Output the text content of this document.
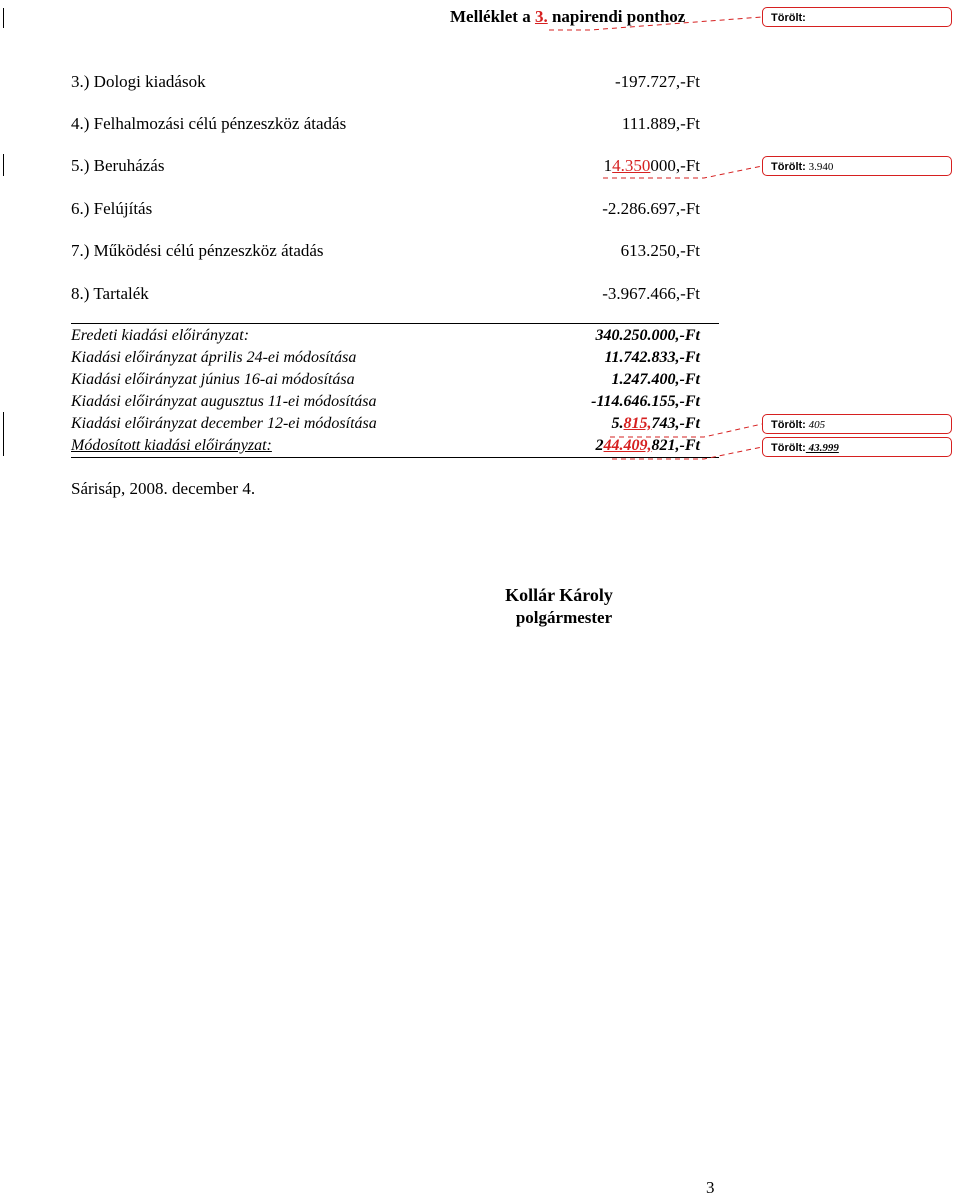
Melléklet a 3. napirendi ponthoz
3.) Dologi kiadások	-197.727,-Ft
4.) Felhalmozási célú pénzeszköz átadás	111.889,-Ft
5.) Beruházás	14.350000,-Ft
6.) Felújítás	-2.286.697,-Ft
7.) Működési célú pénzeszköz átadás	613.250,-Ft
8.) Tartalék	-3.967.466,-Ft
Eredeti kiadási előirányzat:	340.250.000,-Ft
Kiadási előirányzat április 24-ei módosítása	11.742.833,-Ft
Kiadási előirányzat június 16-ai módosítása	1.247.400,-Ft
Kiadási előirányzat augusztus 11-ei módosítása	-114.646.155,-Ft
Kiadási előirányzat december 12-ei módosítása	5.815,743,-Ft
Módosított kiadási előirányzat:	244.409,821,-Ft
Sárisáp, 2008. december 4.
Kollár Károly
polgármester
3
Törölt:
Törölt: 3.940
Törölt: 405
Törölt: 43.999
